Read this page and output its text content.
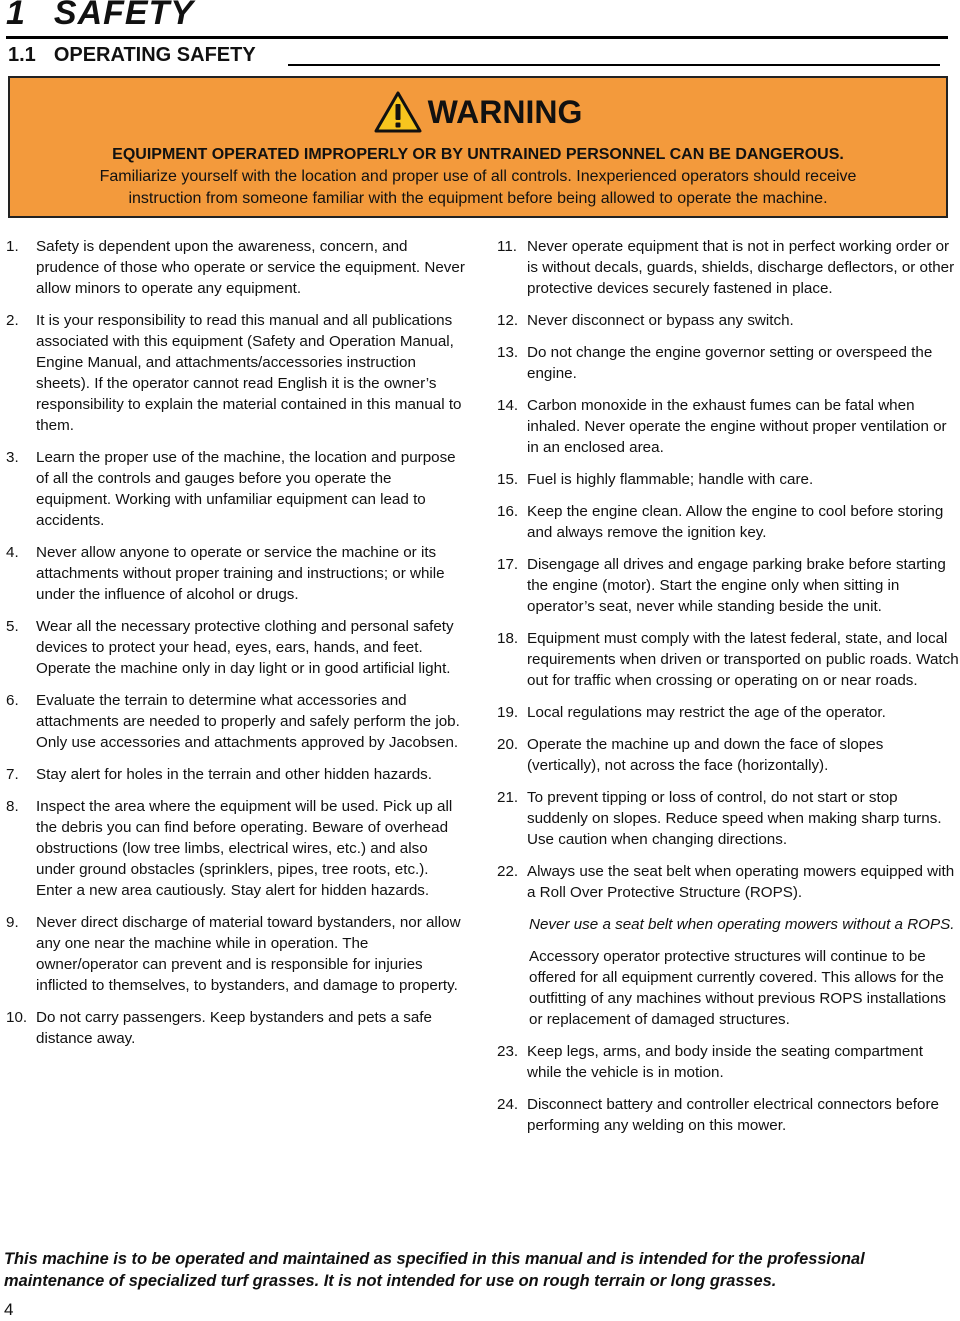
1 SAFETY
1.1 OPERATING SAFETY
WARNING
EQUIPMENT OPERATED IMPROPERLY OR BY UNTRAINED PERSONNEL CAN BE DANGEROUS.
Familiarize yourself with the location and proper use of all controls. Inexperienced operators should receive
instruction from someone familiar with the equipment before being allowed to operate the machine.
1.	Safety is dependent upon the awareness, concern, and prudence of those who operate or service the equipment. Never allow minors to operate any equipment.
2.	It is your responsibility to read this manual and all publications associated with this equipment (Safety and Operation Manual, Engine Manual, and attachments/accessories instruction sheets). If the operator cannot read English it is the owner’s responsibility to explain the material contained in this manual to them.
3.	Learn the proper use of the machine, the location and purpose of all the controls and gauges before you operate the equipment. Working with unfamiliar equipment can lead to accidents.
4.	Never allow anyone to operate or service the machine or its attachments without proper training and instructions; or while under the influence of alcohol or drugs.
5.	Wear all the necessary protective clothing and personal safety devices to protect your head, eyes, ears, hands, and feet. Operate the machine only in day light or in good artificial light.
6.	Evaluate the terrain to determine what accessories and attachments are needed to properly and safely perform the job. Only use accessories and attachments approved by Jacobsen.
7.	Stay alert for holes in the terrain and other hidden hazards.
8.	Inspect the area where the equipment will be used. Pick up all the debris you can find before operating. Beware of overhead obstructions (low tree limbs, electrical wires, etc.) and also under ground obstacles (sprinklers, pipes, tree roots, etc.). Enter a new area cautiously. Stay alert for hidden hazards.
9.	Never direct discharge of material toward bystanders, nor allow any one near the machine while in operation. The owner/operator can prevent and is responsible for injuries inflicted to themselves, to bystanders, and damage to property.
10. Do not carry passengers. Keep bystanders and pets a safe distance away.
11. Never operate equipment that is not in perfect working order or is without decals, guards, shields, discharge deflectors, or other protective devices securely fastened in place.
12. Never disconnect or bypass any switch.
13. Do not change the engine governor setting or overspeed the engine.
14. Carbon monoxide in the exhaust fumes can be fatal when inhaled. Never operate the engine without proper ventilation or in an enclosed area.
15. Fuel is highly flammable; handle with care.
16. Keep the engine clean. Allow the engine to cool before storing and always remove the ignition key.
17. Disengage all drives and engage parking brake before starting the engine (motor). Start the engine only when sitting in operator’s seat, never while standing beside the unit.
18. Equipment must comply with the latest federal, state, and local requirements when driven or transported on public roads. Watch out for traffic when crossing or operating on or near roads.
19. Local regulations may restrict the age of the operator.
20. Operate the machine up and down the face of slopes (vertically), not across the face (horizontally).
21. To prevent tipping or loss of control, do not start or stop suddenly on slopes. Reduce speed when making sharp turns. Use caution when changing directions.
22. Always use the seat belt when operating mowers equipped with a Roll Over Protective Structure (ROPS).
Never use a seat belt when operating mowers without a ROPS.
Accessory operator protective structures will continue to be offered for all equipment currently covered. This allows for the outfitting of any machines without previous ROPS installations or replacement of damaged structures.
23. Keep legs, arms, and body inside the seating compartment while the vehicle is in motion.
24. Disconnect battery and controller electrical connectors before performing any welding on this mower.
This machine is to be operated and maintained as specified in this manual and is intended for the professional maintenance of specialized turf grasses. It is not intended for use on rough terrain or long grasses.
4
